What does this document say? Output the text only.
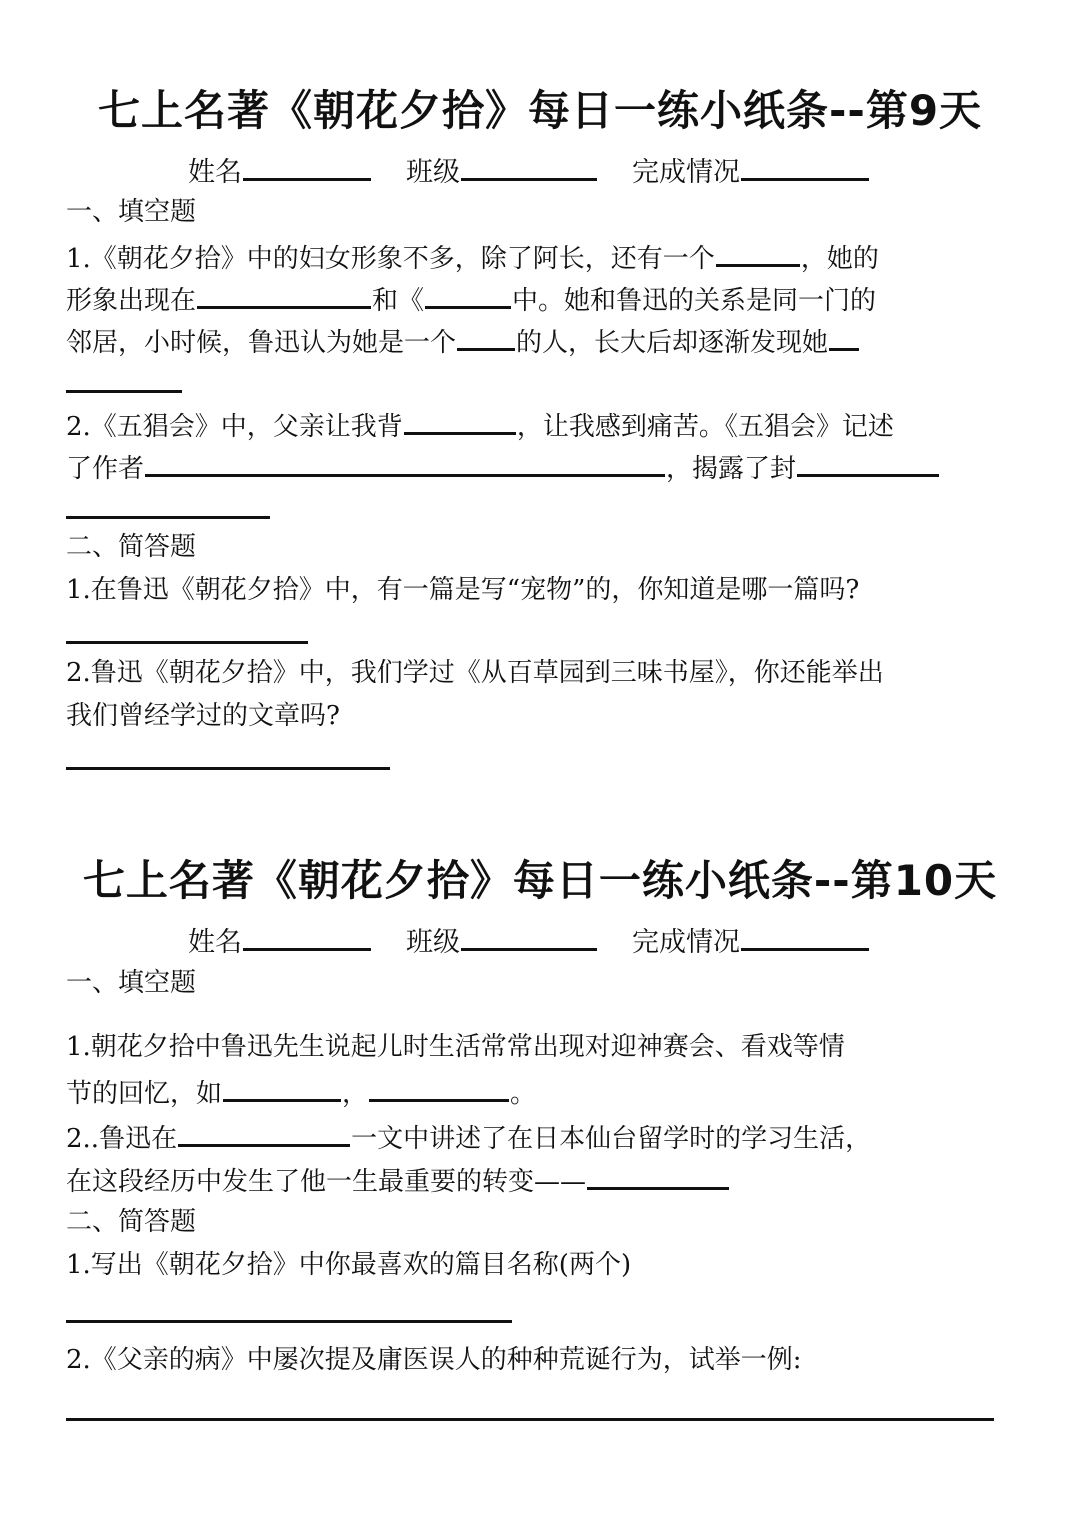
七上名著《朝花夕拾》每日一练小纸条--第9天
姓名	班级	完成情况
一、填空题
1.《朝花夕拾》中的妇女形象不多，除了阿长，还有一个	，她的
形象出现在	和《	中。她和鲁迅的关系是同一门的
邻居，小时候，鲁迅认为她是一个 的人，长大后却逐渐发现她
2.《五猖会》中，父亲让我背	，让我感到痛苦。《五猖会》记述
了作者	，揭露了封
二、简答题
1.在鲁迅《朝花夕拾》中，有一篇是写“宠物”的，你知道是哪一篇吗?
2.鲁迅《朝花夕拾》中，我们学过《从百草园到三味书屋》，你还能举出
我们曾经学过的文章吗?
七上名著《朝花夕拾》每日一练小纸条--第10天
姓名	班级	完成情况
一、填空题
1.朝花夕拾中鲁迅先生说起儿时生活常常出现对迎神赛会、看戏等情
节的回忆，如	，	。
2..鲁迅在	一文中讲述了在日本仙台留学时的学习生活，
在这段经历中发生了他一生最重要的转变——
二、简答题
1.写出《朝花夕拾》中你最喜欢的篇目名称(两个)
2.《父亲的病》中屡次提及庸医误人的种种荒诞行为，试举一例:
